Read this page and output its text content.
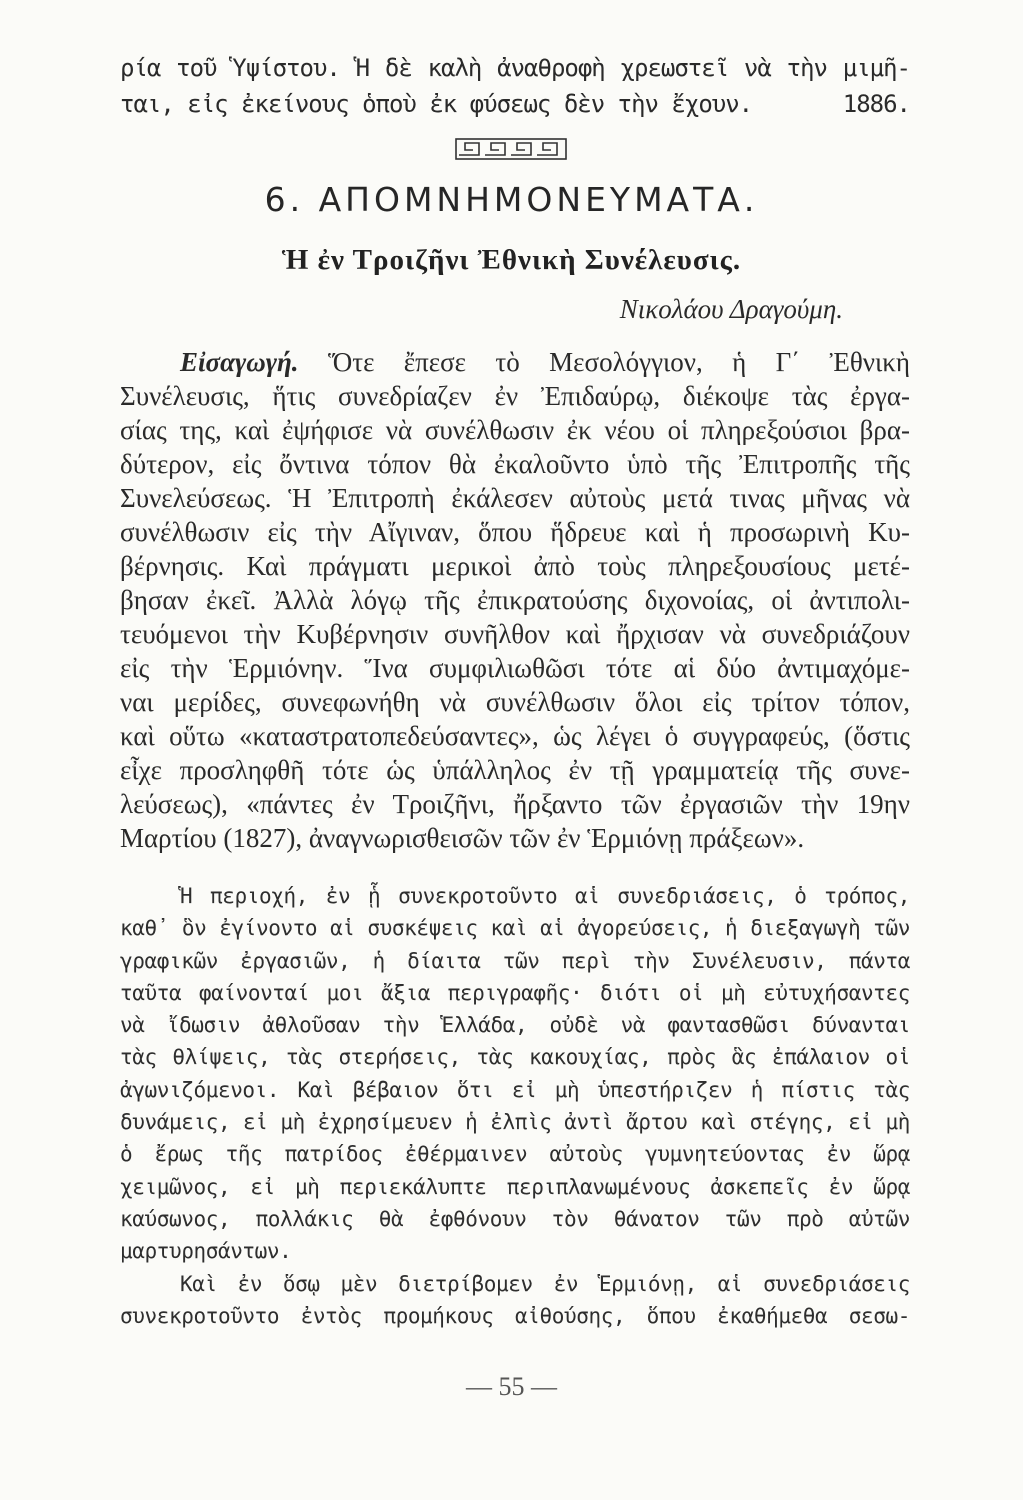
ρία τοῦ Ὑψίστου. Ἡ δὲ καλὴ ἀναθροφὴ χρεωστεῖ νὰ τὴν μιμῆ-
ται, εἰς ἐκείνους ὁποὺ ἐκ φύσεως δὲν τὴν ἔχουν.	1886.
6. ΑΠΟΜΝΗΜΟΝΕΥΜΑΤΑ.
Ἡ ἐν Τροιζῆνι Ἐθνικὴ Συνέλευσις.
Νικολάου Δραγούμη.
Εἰσαγωγή. Ὅτε ἔπεσε τὸ Μεσολόγγιον, ἡ Γ΄ Ἐθνικὴ
Συνέλευσις, ἥτις συνεδρίαζεν ἐν Ἐπιδαύρῳ, διέκοψε τὰς ἐργα-
σίας της, καὶ ἐψήφισε νὰ συνέλθωσιν ἐκ νέου οἱ πληρεξούσιοι βρα-
δύτερον, εἰς ὄντινα τόπον θὰ ἐκαλοῦντο ὑπὸ τῆς Ἐπιτροπῆς τῆς
Συνελεύσεως. Ἡ Ἐπιτροπὴ ἐκάλεσεν αὐτοὺς μετά τινας μῆνας νὰ
συνέλθωσιν εἰς τὴν Αἴγιναν, ὅπου ἥδρευε καὶ ἡ προσωρινὴ Κυ-
βέρνησις. Καὶ πράγματι μερικοὶ ἀπὸ τοὺς πληρεξουσίους μετέ-
βησαν ἐκεῖ. Ἀλλὰ λόγῳ τῆς ἐπικρατούσης διχονοίας, οἱ ἀντιπολι-
τευόμενοι τὴν Κυβέρνησιν συνῆλθον καὶ ἤρχισαν νὰ συνεδριάζουν
εἰς τὴν Ἑρμιόνην. Ἵνα συμφιλιωθῶσι τότε αἱ δύο ἀντιμαχόμε-
ναι μερίδες, συνεφωνήθη νὰ συνέλθωσιν ὅλοι εἰς τρίτον τόπον,
καὶ οὕτω «καταστρατοπεδεύσαντες», ὡς λέγει ὁ συγγραφεύς, (ὅστις
εἶχε προσληφθῆ τότε ὡς ὑπάλληλος ἐν τῇ γραμματείᾳ τῆς συνε-
λεύσεως), «πάντες ἐν Τροιζῆνι, ἤρξαντο τῶν ἐργασιῶν τὴν 19ην
Μαρτίου (1827), ἀναγνωρισθεισῶν τῶν ἐν Ἑρμιόνῃ πράξεων».
Ἡ περιοχή, ἐν ᾗ συνεκροτοῦντο αἱ συνεδριάσεις, ὁ τρόπος,
καθ᾽ ὃν ἐγίνοντο αἱ συσκέψεις καὶ αἱ ἀγορεύσεις, ἡ διεξαγωγὴ τῶν
γραφικῶν ἐργασιῶν, ἡ δίαιτα τῶν περὶ τὴν Συνέλευσιν, πάντα
ταῦτα φαίνονταί μοι ἄξια περιγραφῆς· διότι οἱ μὴ εὐτυχήσαντες
νὰ ἴδωσιν ἀθλοῦσαν τὴν Ἑλλάδα, οὐδὲ νὰ φαντασθῶσι δύνανται
τὰς θλίψεις, τὰς στερήσεις, τὰς κακουχίας, πρὸς ἃς ἐπάλαιον οἱ
ἀγωνιζόμενοι. Καὶ βέβαιον ὅτι εἰ μὴ ὑπεστήριζεν ἡ πίστις τὰς
δυνάμεις, εἰ μὴ ἐχρησίμευεν ἡ ἐλπὶς ἀντὶ ἄρτου καὶ στέγης, εἰ μὴ
ὁ ἔρως τῆς πατρίδος ἐθέρμαινεν αὐτοὺς γυμνητεύοντας ἐν ὥρᾳ
χειμῶνος, εἰ μὴ περιεκάλυπτε περιπλανωμένους ἀσκεπεῖς ἐν ὥρᾳ
καύσωνος, πολλάκις θὰ ἐφθόνουν τὸν θάνατον τῶν πρὸ αὐτῶν
μαρτυρησάντων.
Καὶ ἐν ὅσῳ μὲν διετρίβομεν ἐν Ἑρμιόνῃ, αἱ συνεδριάσεις
συνεκροτοῦντο ἐντὸς προμήκους αἰθούσης, ὅπου ἐκαθήμεθα σεσω-
— 55 —
